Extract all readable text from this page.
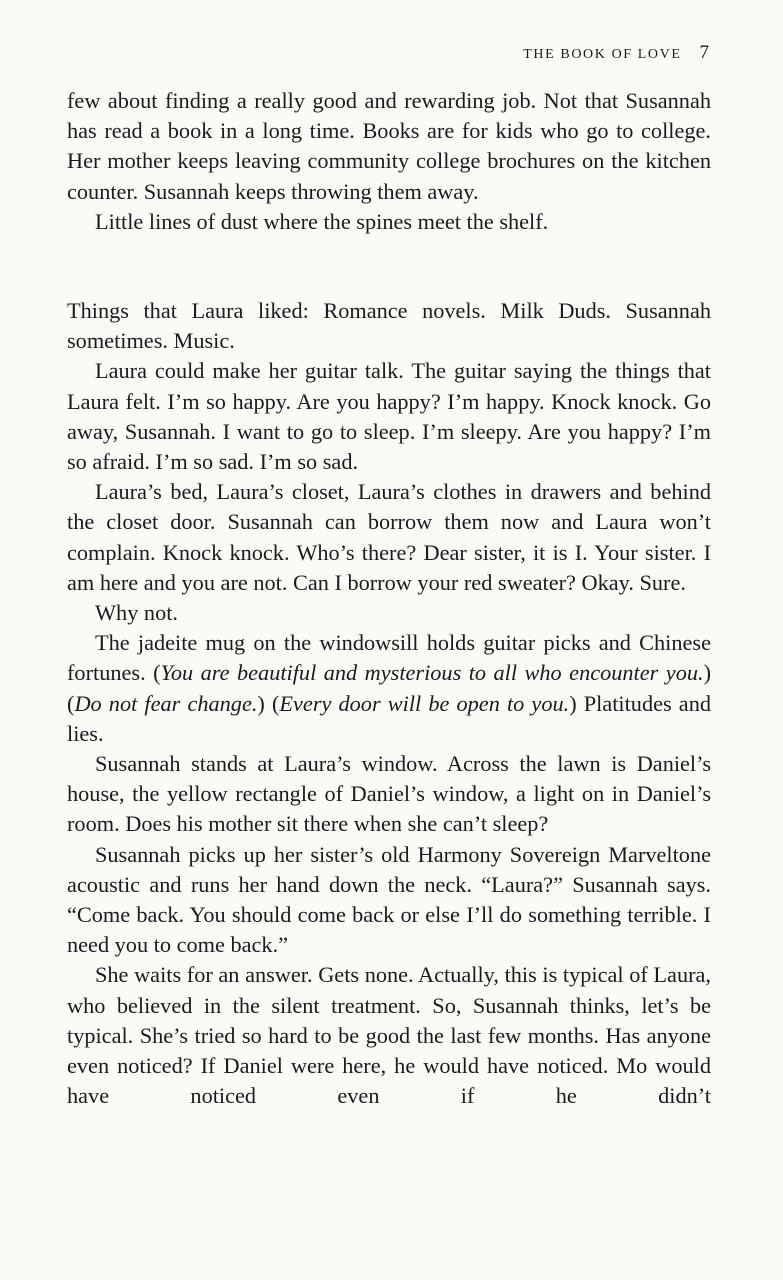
THE BOOK OF LOVE 7

few about finding a really good and rewarding job. Not that Susannah has read a book in a long time. Books are for kids who go to college. Her mother keeps leaving community college brochures on the kitchen counter. Susannah keeps throwing them away.

Little lines of dust where the spines meet the shelf.

Things that Laura liked: Romance novels. Milk Duds. Susannah sometimes. Music.

Laura could make her guitar talk. The guitar saying the things that Laura felt. I’m so happy. Are you happy? I’m happy. Knock knock. Go away, Susannah. I want to go to sleep. I’m sleepy. Are you happy? I’m so afraid. I’m so sad. I’m so sad.

Laura’s bed, Laura’s closet, Laura’s clothes in drawers and behind the closet door. Susannah can borrow them now and Laura won’t complain. Knock knock. Who’s there? Dear sister, it is I. Your sister. I am here and you are not. Can I borrow your red sweater? Okay. Sure.

Why not.

The jadeite mug on the windowsill holds guitar picks and Chinese fortunes. (You are beautiful and mysterious to all who encounter you.) (Do not fear change.) (Every door will be open to you.) Platitudes and lies.

Susannah stands at Laura’s window. Across the lawn is Daniel’s house, the yellow rectangle of Daniel’s window, a light on in Daniel’s room. Does his mother sit there when she can’t sleep?

Susannah picks up her sister’s old Harmony Sovereign Marveltone acoustic and runs her hand down the neck. “Laura?” Susannah says. “Come back. You should come back or else I’ll do something terrible. I need you to come back.”

She waits for an answer. Gets none. Actually, this is typical of Laura, who believed in the silent treatment. So, Susannah thinks, let’s be typical. She’s tried so hard to be good the last few months. Has anyone even noticed? If Daniel were here, he would have noticed. Mo would have noticed even if he didn’t
